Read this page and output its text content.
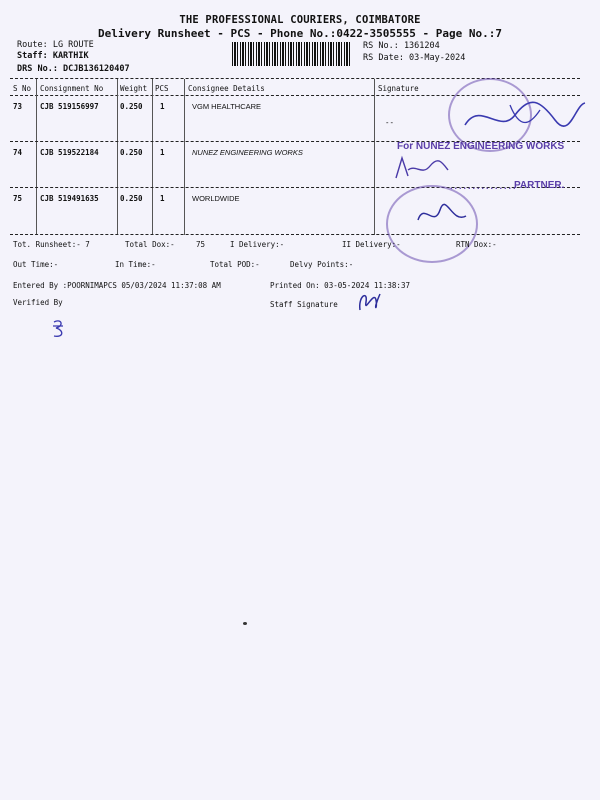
THE PROFESSIONAL COURIERS, COIMBATORE
Delivery Runsheet - PCS - Phone No.:0422-3505555 - Page No.:7
Route: LG ROUTE
Staff: KARTHIK
DRS No.: DCJB136120407
RS No.: 1361204
RS Date: 03-May-2024
S No Consignment No Weight PCS	Consignee Details	Signature
73 CJB 519156997	0.250 1	VGM HEALTHCARE
--
74 CJB 519522184	0.250 1	NUNEZ ENGINEERING WORKS
75 CJB 519491635	0.250 1	WORLDWIDE
For NUNEZ ENGINEERING WORKS
...............
PARTNER.
Tot. Runsheet:- 7	Total Dox:-	75	I Delivery:-	II Delivery:-	RTN Dox:-
Out Time:-	In Time:-	Total POD:-	Delvy Points:-
Entered By :POORNIMAPCS 05/03/2024 11:37:08 AM	Printed On: 03-05-2024 11:38:37
Verified By	Staff Signature
